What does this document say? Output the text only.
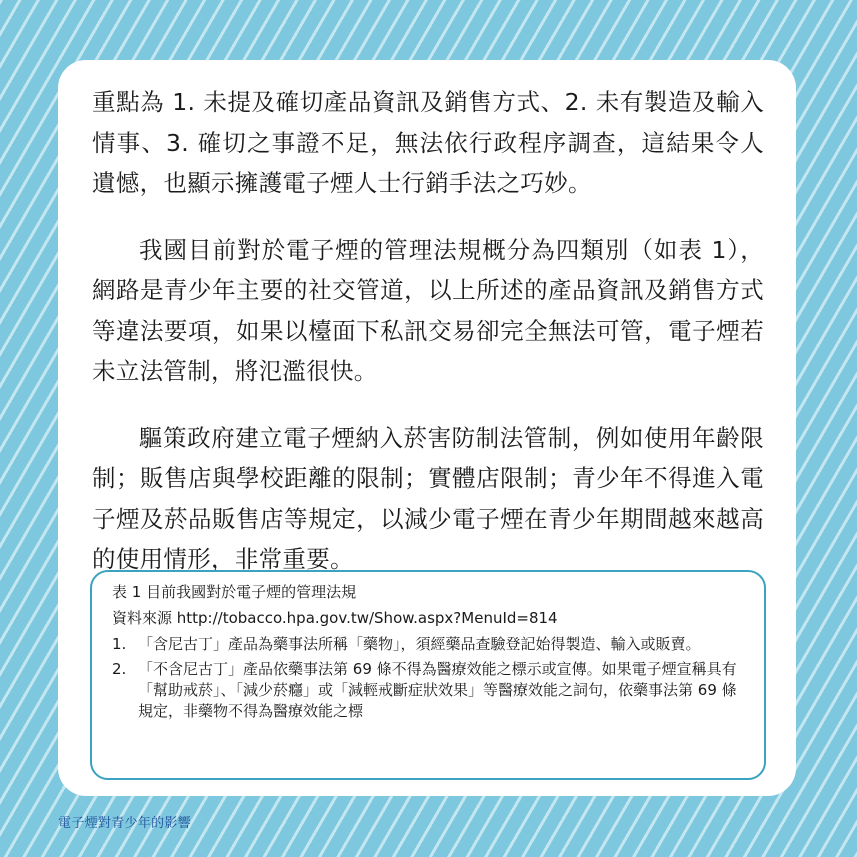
重點為 1. 未提及確切產品資訊及銷售方式、2. 未有製造及輸入情事、3. 確切之事證不足，無法依行政程序調查，這結果令人遺憾，也顯示擁護電子煙人士行銷手法之巧妙。

我國目前對於電子煙的管理法規概分為四類別（如表 1），網路是青少年主要的社交管道，以上所述的產品資訊及銷售方式等違法要項，如果以檯面下私訊交易卻完全無法可管，電子煙若未立法管制，將氾濫很快。

驅策政府建立電子煙納入菸害防制法管制，例如使用年齡限制；販售店與學校距離的限制；實體店限制；青少年不得進入電子煙及菸品販售店等規定，以減少電子煙在青少年期間越來越高的使用情形，非常重要。

表 1 目前我國對於電子煙的管理法規

資料來源 http://tobacco.hpa.gov.tw/Show.aspx?MenuId=814

1. 「含尼古丁」產品為藥事法所稱「藥物」，須經藥品查驗登記始得製造、輸入或販賣。
2. 「不含尼古丁」產品依藥事法第 69 條不得為醫療效能之標示或宣傳。如果電子煙宣稱具有「幫助戒菸」、「減少菸癮」或「減輕戒斷症狀效果」等醫療效能之詞句，依藥事法第 69 條規定，非藥物不得為醫療效能之標
電子煙對青少年的影響
